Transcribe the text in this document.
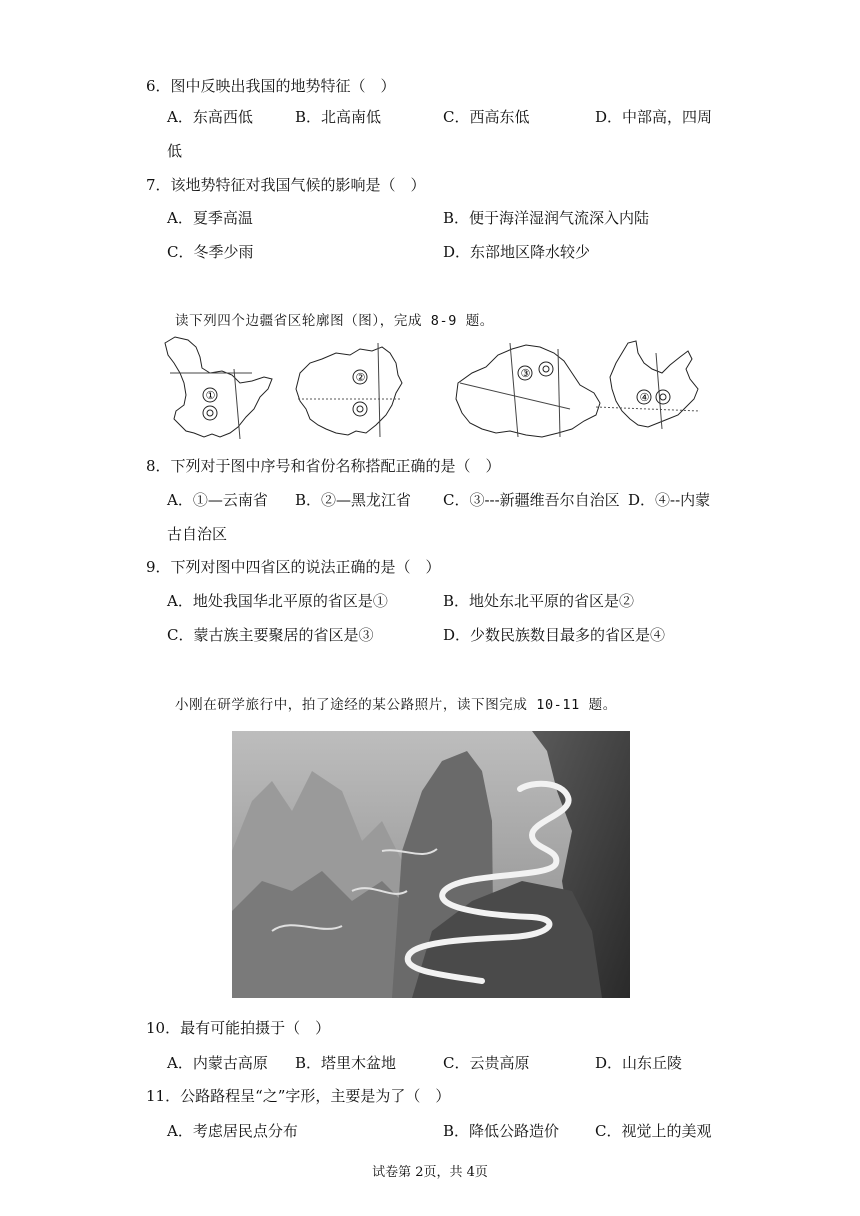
6．图中反映出我国的地势特征（　）
A．东高西低	B．北高南低	C．西高东低	D．中部高，四周
低
7．该地势特征对我国气候的影响是（　）
A．夏季高温	B．便于海洋湿润气流深入内陆
C．冬季少雨	D．东部地区降水较少
读下列四个边疆省区轮廓图（图），完成 8-9 题。
①
②	③
④
8．下列对于图中序号和省份名称搭配正确的是（　）
A．①—云南省 B．②—黑龙江省 C．③---新疆维吾尔自治区 D．④--内蒙
古自治区
9．下列对图中四省区的说法正确的是（　）
A．地处我国华北平原的省区是①	B．地处东北平原的省区是②
C．蒙古族主要聚居的省区是③	D．少数民族数目最多的省区是④
小刚在研学旅行中，拍了途经的某公路照片，读下图完成 10-11 题。
10．最有可能拍摄于（　）
A．内蒙古高原 B．塔里木盆地	C．云贵高原	D．山东丘陵
11．公路路程呈“之”字形，主要是为了（　）
A．考虑居民点分布	B．降低公路造价 C．视觉上的美观
试卷第 2页，共 4页
